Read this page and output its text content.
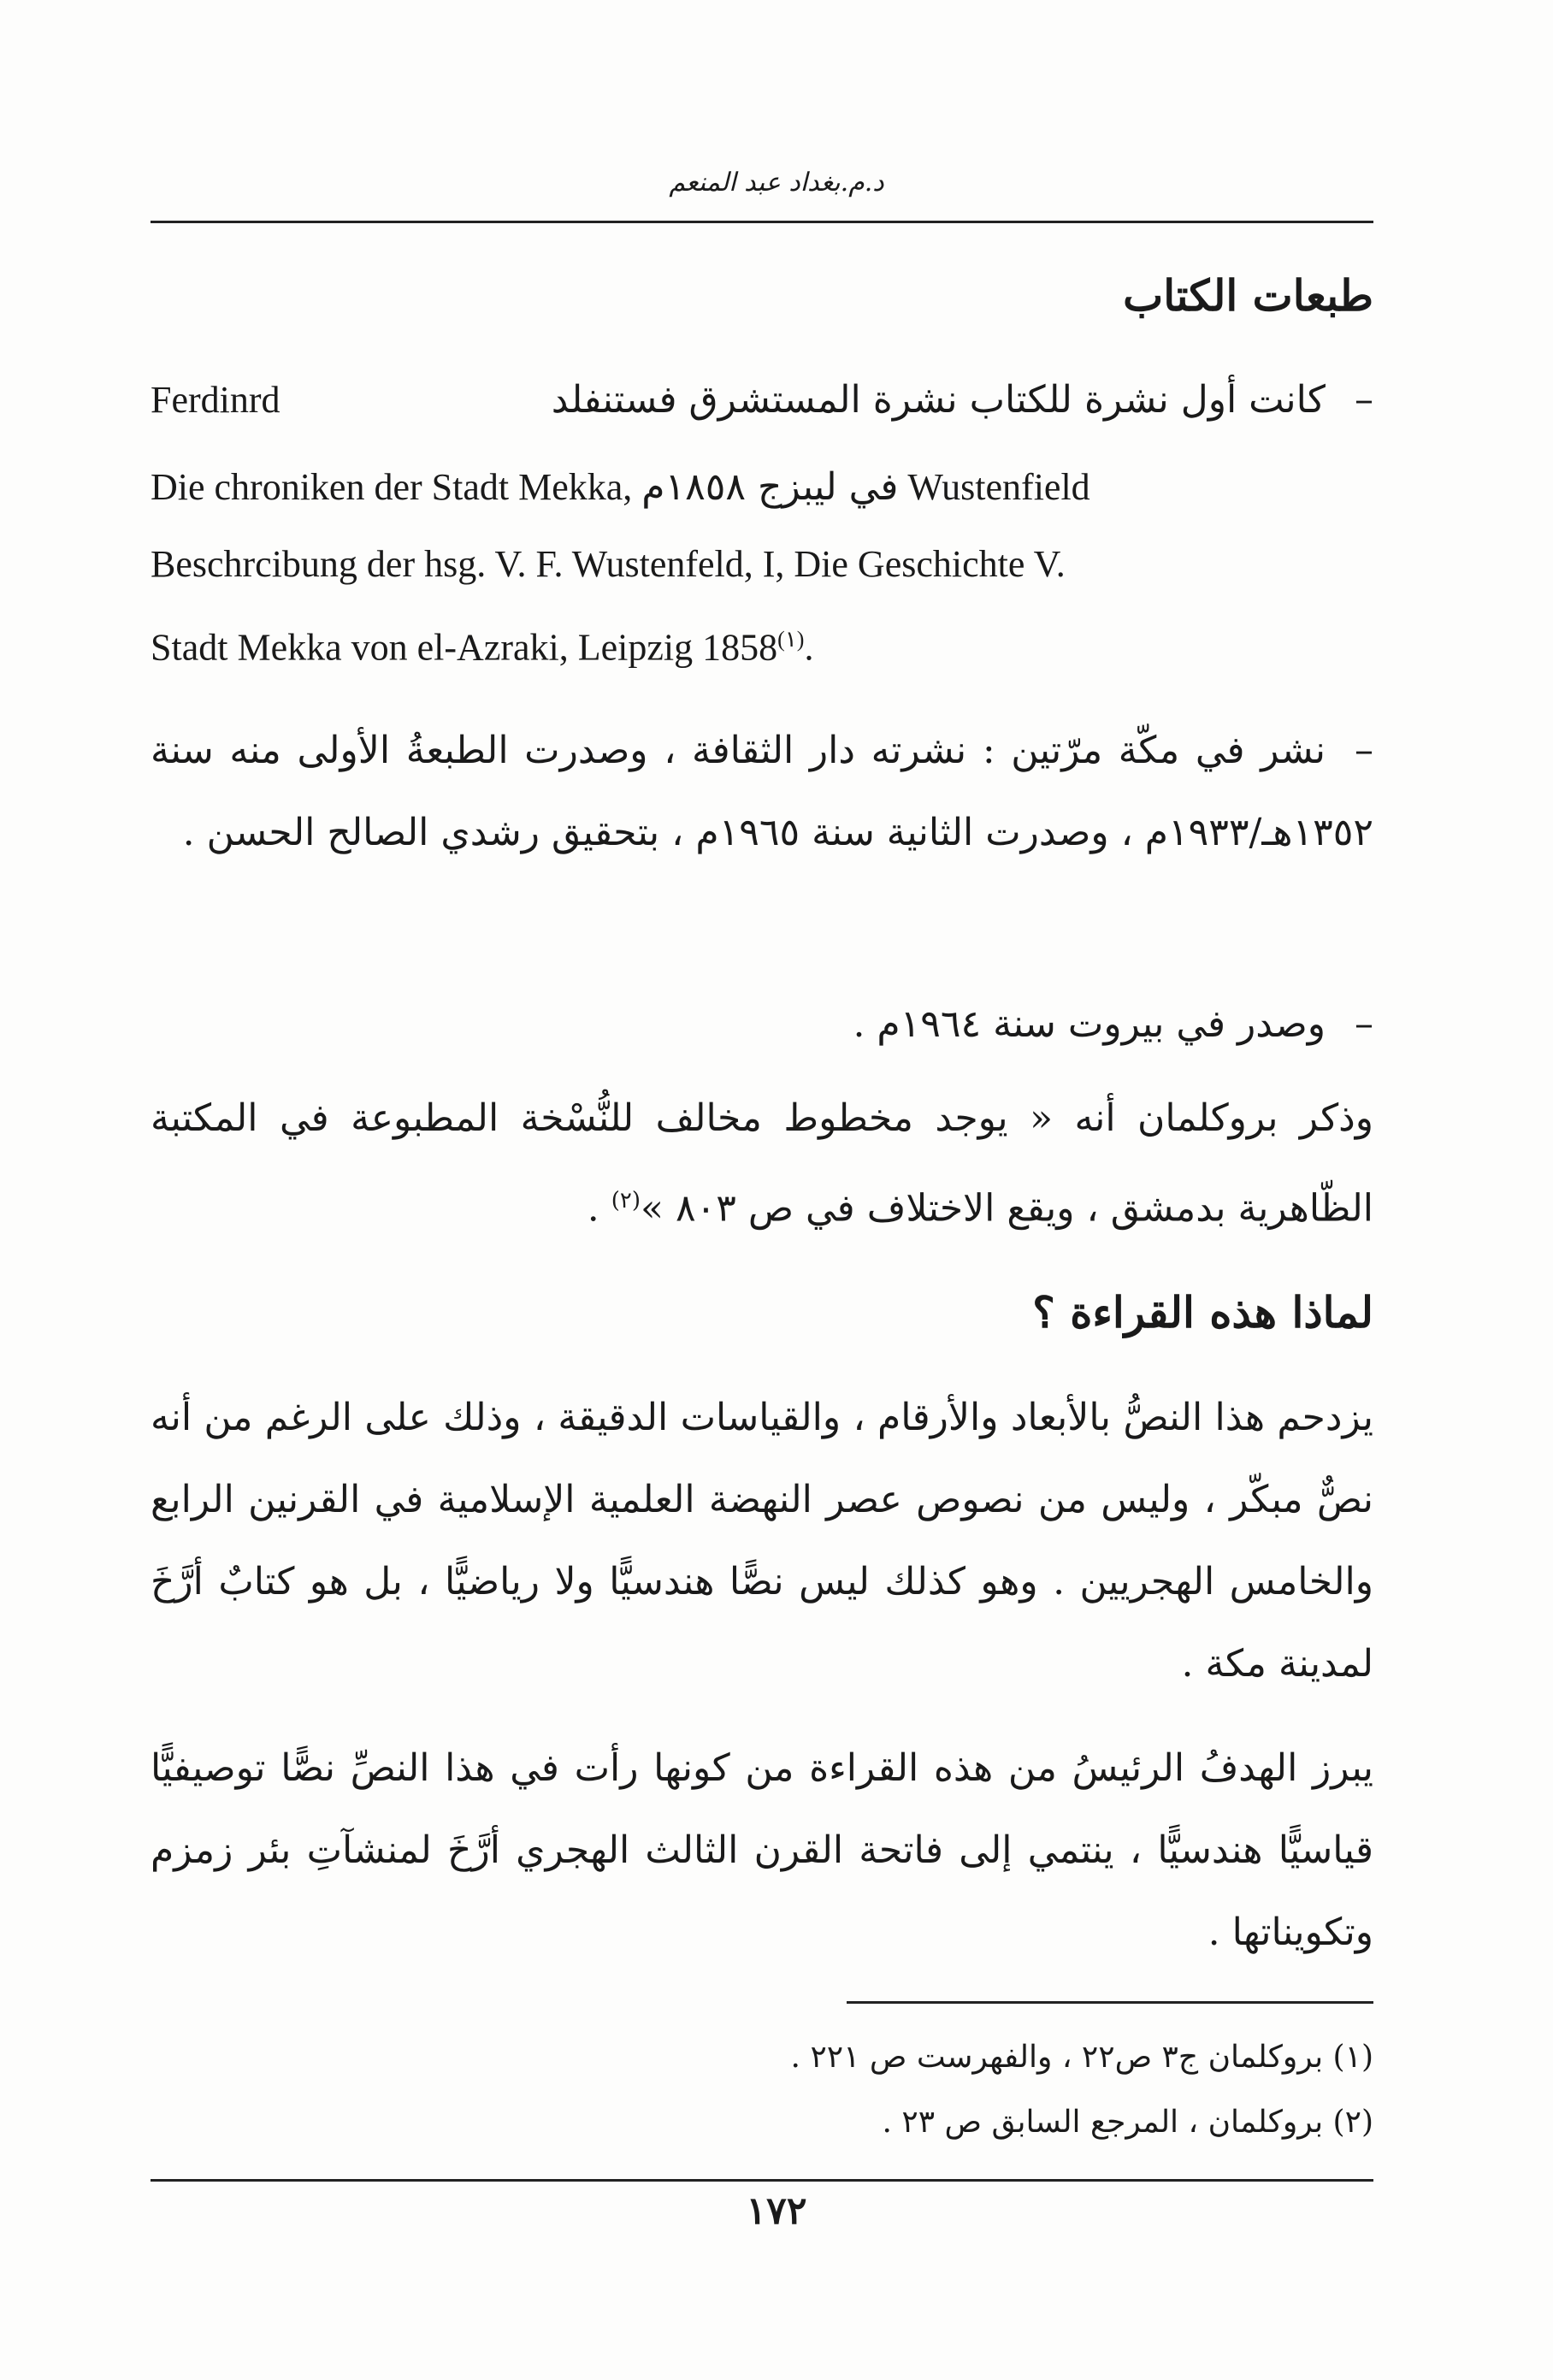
د.م.بغداد عبد المنعم
طبعات الكتاب
–كانت أول نشرة للكتاب نشرة المستشرق فستنفلد
Ferdinrd
Die chroniken der Stadt Mekka, في ليبزج ١٨٥٨م Wustenfield
Beschrcibung der hsg. V. F. Wustenfeld, I, Die Geschichte V.
Stadt Mekka von el-Azraki, Leipzig 1858$^{(١)}$.
–نشر في مكّة مرّتين : نشرته دار الثقافة ، وصدرت الطبعةُ الأولى منه سنة ١٣٥٢هـ/١٩٣٣م ، وصدرت الثانية سنة ١٩٦٥م ، بتحقيق رشدي الصالح الحسن .
–وصدر في بيروت سنة ١٩٦٤م .
وذكر بروكلمان أنه « يوجد مخطوط مخالف للنُّسْخة المطبوعة في المكتبة الظّاهرية بدمشق ، ويقع الاختلاف في ص ٨٠٣ »$^{(٢)}$ .
لماذا هذه القراءة ؟
يزدحم هذا النصُّ بالأبعاد والأرقام ، والقياسات الدقيقة ، وذلك على الرغم من أنه نصٌّ مبكّر ، وليس من نصوص عصر النهضة العلمية الإسلامية في القرنين الرابع والخامس الهجريين . وهو كذلك ليس نصًّا هندسيًّا ولا رياضيًّا ، بل هو كتابٌ أرَّخَ لمدينة مكة .
يبرز الهدفُ الرئيسُ من هذه القراءة من كونها رأت في هذا النصِّ نصًّا توصيفيًّا قياسيًّا هندسيًّا ، ينتمي إلى فاتحة القرن الثالث الهجري أرَّخَ لمنشآتِ بئر زمزم وتكويناتها .
(١) بروكلمان ج٣ ص٢٢ ، والفهرست ص ٢٢١ .
(٢) بروكلمان ، المرجع السابق ص ٢٣ .
١٧٢
